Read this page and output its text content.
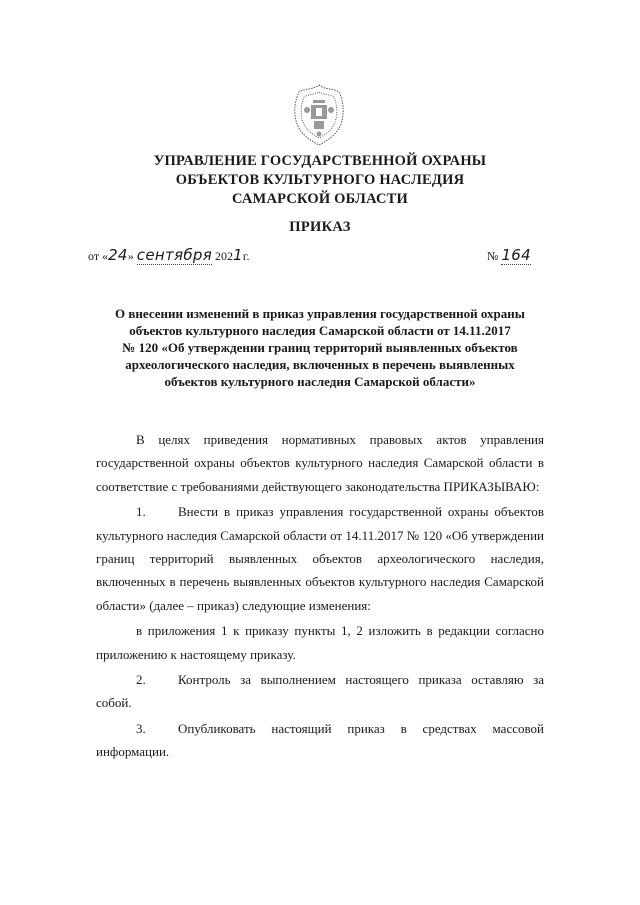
УПРАВЛЕНИЕ ГОСУДАРСТВЕННОЙ ОХРАНЫ
ОБЪЕКТОВ КУЛЬТУРНОГО НАСЛЕДИЯ
САМАРСКОЙ ОБЛАСТИ
ПРИКАЗ
от «24» сентября 2021г.	№ 164
О внесении изменений в приказ управления государственной охраны
объектов культурного наследия Самарской области от 14.11.2017
№ 120 «Об утверждении границ территорий выявленных объектов
археологического наследия, включенных в перечень выявленных
объектов культурного наследия Самарской области»

В целях приведения нормативных правовых актов управления государственной охраны объектов культурного наследия Самарской области в соответствие с требованиями действующего законодательства ПРИКАЗЫВАЮ:

1. Внести в приказ управления государственной охраны объектов культурного наследия Самарской области от 14.11.2017 № 120 «Об утверждении границ территорий выявленных объектов археологического наследия, включенных в перечень выявленных объектов культурного наследия Самарской области» (далее – приказ) следующие изменения:

в приложения 1 к приказу пункты 1, 2 изложить в редакции согласно приложению к настоящему приказу.

2. Контроль за выполнением настоящего приказа оставляю за собой.

3. Опубликовать настоящий приказ в средствах массовой информации.
